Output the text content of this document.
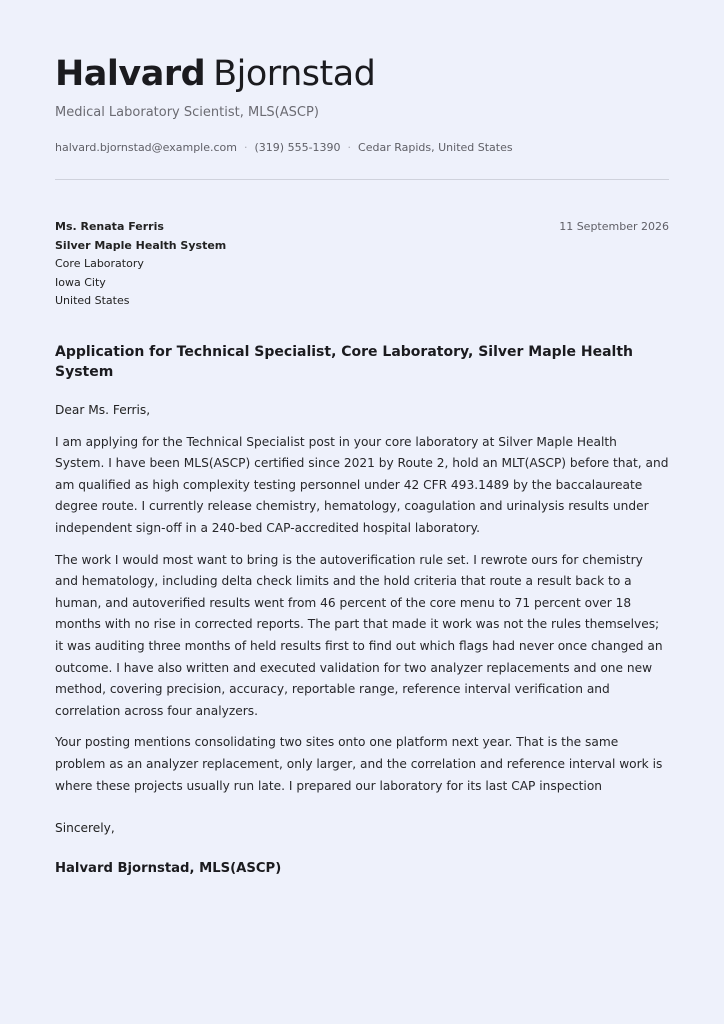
Halvard Bjornstad
Medical Laboratory Scientist, MLS(ASCP)
halvard.bjornstad@example.com · (319) 555-1390 · Cedar Rapids, United States
Ms. Renata Ferris
Silver Maple Health System
Core Laboratory
Iowa City
United States
11 September 2026
Application for Technical Specialist, Core Laboratory, Silver Maple Health System
Dear Ms. Ferris,
I am applying for the Technical Specialist post in your core laboratory at Silver Maple Health System. I have been MLS(ASCP) certified since 2021 by Route 2, hold an MLT(ASCP) before that, and am qualified as high complexity testing personnel under 42 CFR 493.1489 by the baccalaureate degree route. I currently release chemistry, hematology, coagulation and urinalysis results under independent sign-off in a 240-bed CAP-accredited hospital laboratory.
The work I would most want to bring is the autoverification rule set. I rewrote ours for chemistry and hematology, including delta check limits and the hold criteria that route a result back to a human, and autoverified results went from 46 percent of the core menu to 71 percent over 18 months with no rise in corrected reports. The part that made it work was not the rules themselves; it was auditing three months of held results first to find out which flags had never once changed an outcome. I have also written and executed validation for two analyzer replacements and one new method, covering precision, accuracy, reportable range, reference interval verification and correlation across four analyzers.
Your posting mentions consolidating two sites onto one platform next year. That is the same problem as an analyzer replacement, only larger, and the correlation and reference interval work is where these projects usually run late. I prepared our laboratory for its last CAP inspection
Sincerely,
Halvard Bjornstad, MLS(ASCP)
